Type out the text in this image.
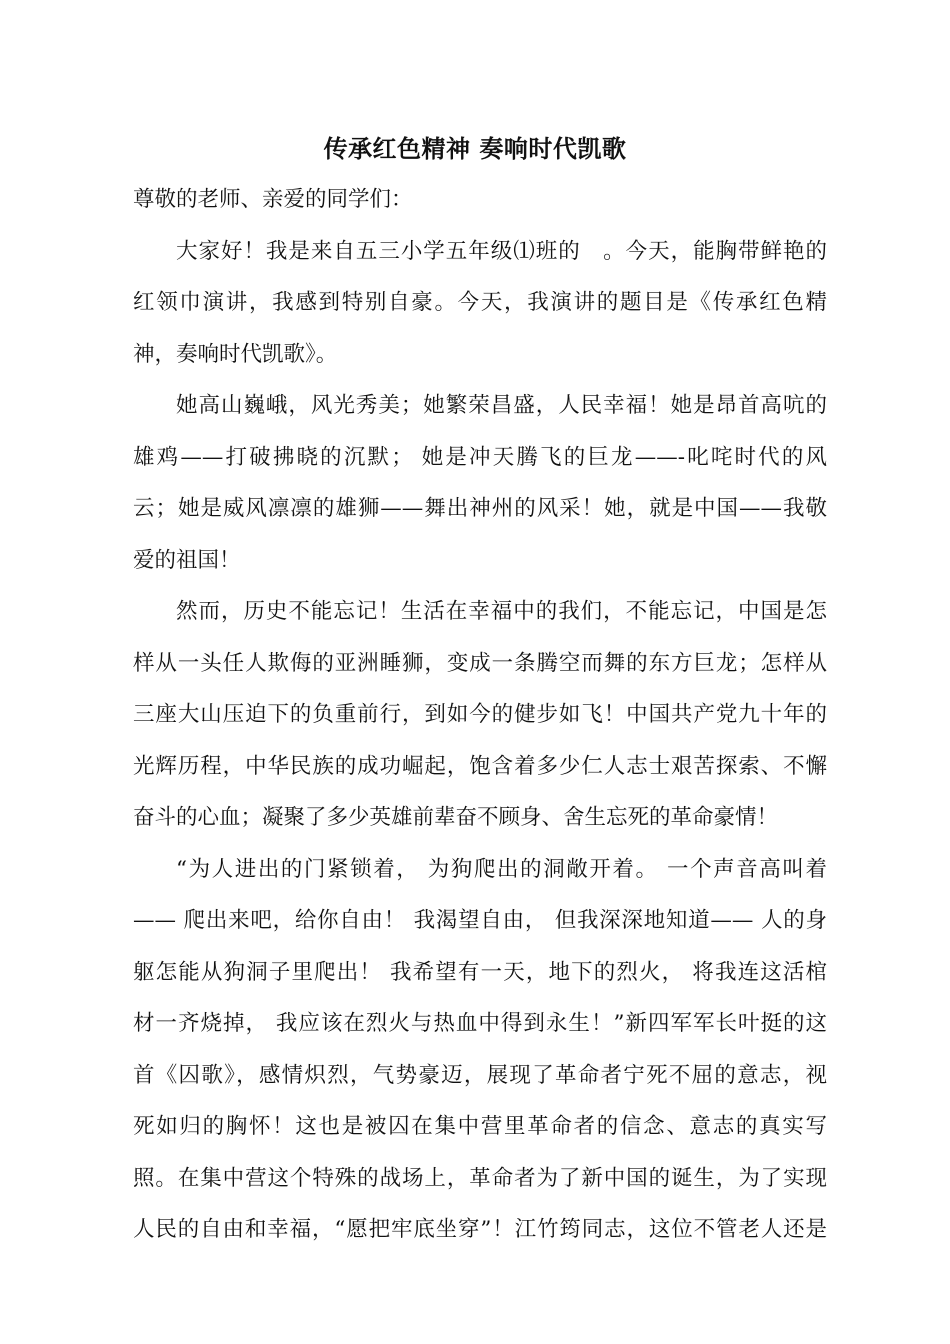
传承红色精神 奏响时代凯歌
尊敬的老师、亲爱的同学们：
大家好！我是来自五三小学五年级⑴班的　。今天，能胸带鲜艳的
红领巾演讲，我感到特别自豪。今天，我演讲的题目是《传承红色精
神，奏响时代凯歌》。
她高山巍峨，风光秀美；她繁荣昌盛，人民幸福！她是昂首高吭的
雄鸡——打破拂晓的沉默； 她是冲天腾飞的巨龙——-叱咤时代的风
云；她是威风凛凛的雄狮——舞出神州的风采！她，就是中国——我敬
爱的祖国！
然而，历史不能忘记！生活在幸福中的我们，不能忘记，中国是怎
样从一头任人欺侮的亚洲睡狮，变成一条腾空而舞的东方巨龙；怎样从
三座大山压迫下的负重前行，到如今的健步如飞！中国共产党九十年的
光辉历程，中华民族的成功崛起，饱含着多少仁人志士艰苦探索、不懈
奋斗的心血；凝聚了多少英雄前辈奋不顾身、舍生忘死的革命豪情！
“为人进出的门紧锁着， 为狗爬出的洞敞开着。 一个声音高叫着
—— 爬出来吧，给你自由！ 我渴望自由， 但我深深地知道—— 人的身
躯怎能从狗洞子里爬出！ 我希望有一天，地下的烈火， 将我连这活棺
材一齐烧掉， 我应该在烈火与热血中得到永生！”新四军军长叶挺的这
首《囚歌》，感情炽烈，气势豪迈，展现了革命者宁死不屈的意志，视
死如归的胸怀！这也是被囚在集中营里革命者的信念、意志的真实写
照。在集中营这个特殊的战场上，革命者为了新中国的诞生，为了实现
人民的自由和幸福，“愿把牢底坐穿”！江竹筠同志，这位不管老人还是
